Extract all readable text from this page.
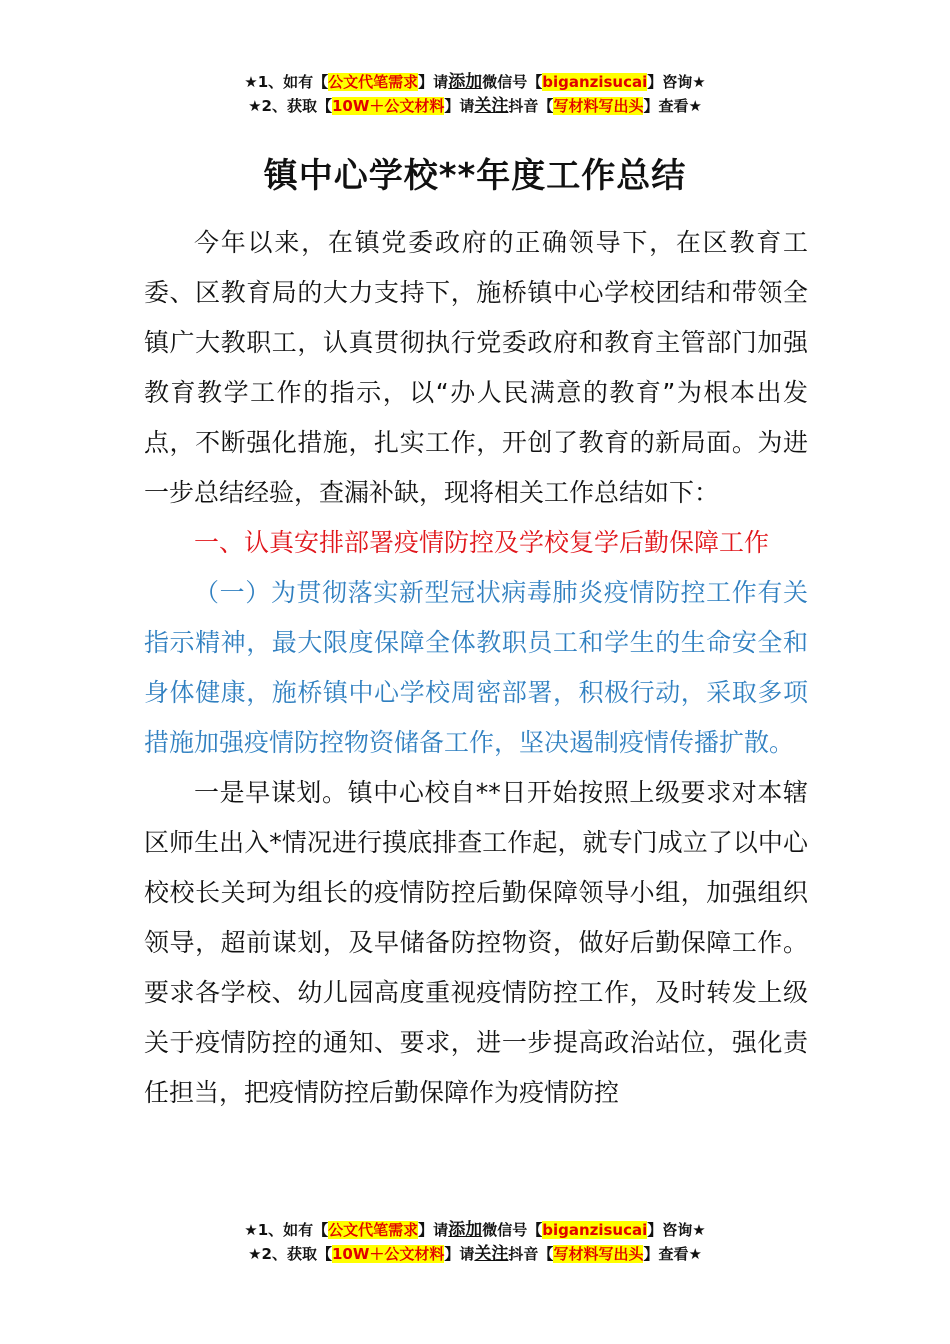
★1、如有【公文代笔需求】请添加微信号【biganzisucai】咨询★
★2、获取【10W＋公文材料】请关注抖音【写材料写出头】查看★
镇中心学校**年度工作总结

今年以来，在镇党委政府的正确领导下，在区教育工委、区教育局的大力支持下，施桥镇中心学校团结和带领全镇广大教职工，认真贯彻执行党委政府和教育主管部门加强教育教学工作的指示，以“办人民满意的教育”为根本出发点，不断强化措施，扎实工作，开创了教育的新局面。为进一步总结经验，查漏补缺，现将相关工作总结如下：

一、认真安排部署疫情防控及学校复学后勤保障工作

（一）为贯彻落实新型冠状病毒肺炎疫情防控工作有关指示精神，最大限度保障全体教职员工和学生的生命安全和身体健康，施桥镇中心学校周密部署，积极行动，采取多项措施加强疫情防控物资储备工作，坚决遏制疫情传播扩散。

一是早谋划。镇中心校自**日开始按照上级要求对本辖区师生出入*情况进行摸底排查工作起，就专门成立了以中心校校长关珂为组长的疫情防控后勤保障领导小组，加强组织领导，超前谋划，及早储备防控物资，做好后勤保障工作。要求各学校、幼儿园高度重视疫情防控工作，及时转发上级关于疫情防控的通知、要求，进一步提高政治站位，强化责任担当，把疫情防控后勤保障作为疫情防控

★1、如有【公文代笔需求】请添加微信号【biganzisucai】咨询★
★2、获取【10W＋公文材料】请关注抖音【写材料写出头】查看★
